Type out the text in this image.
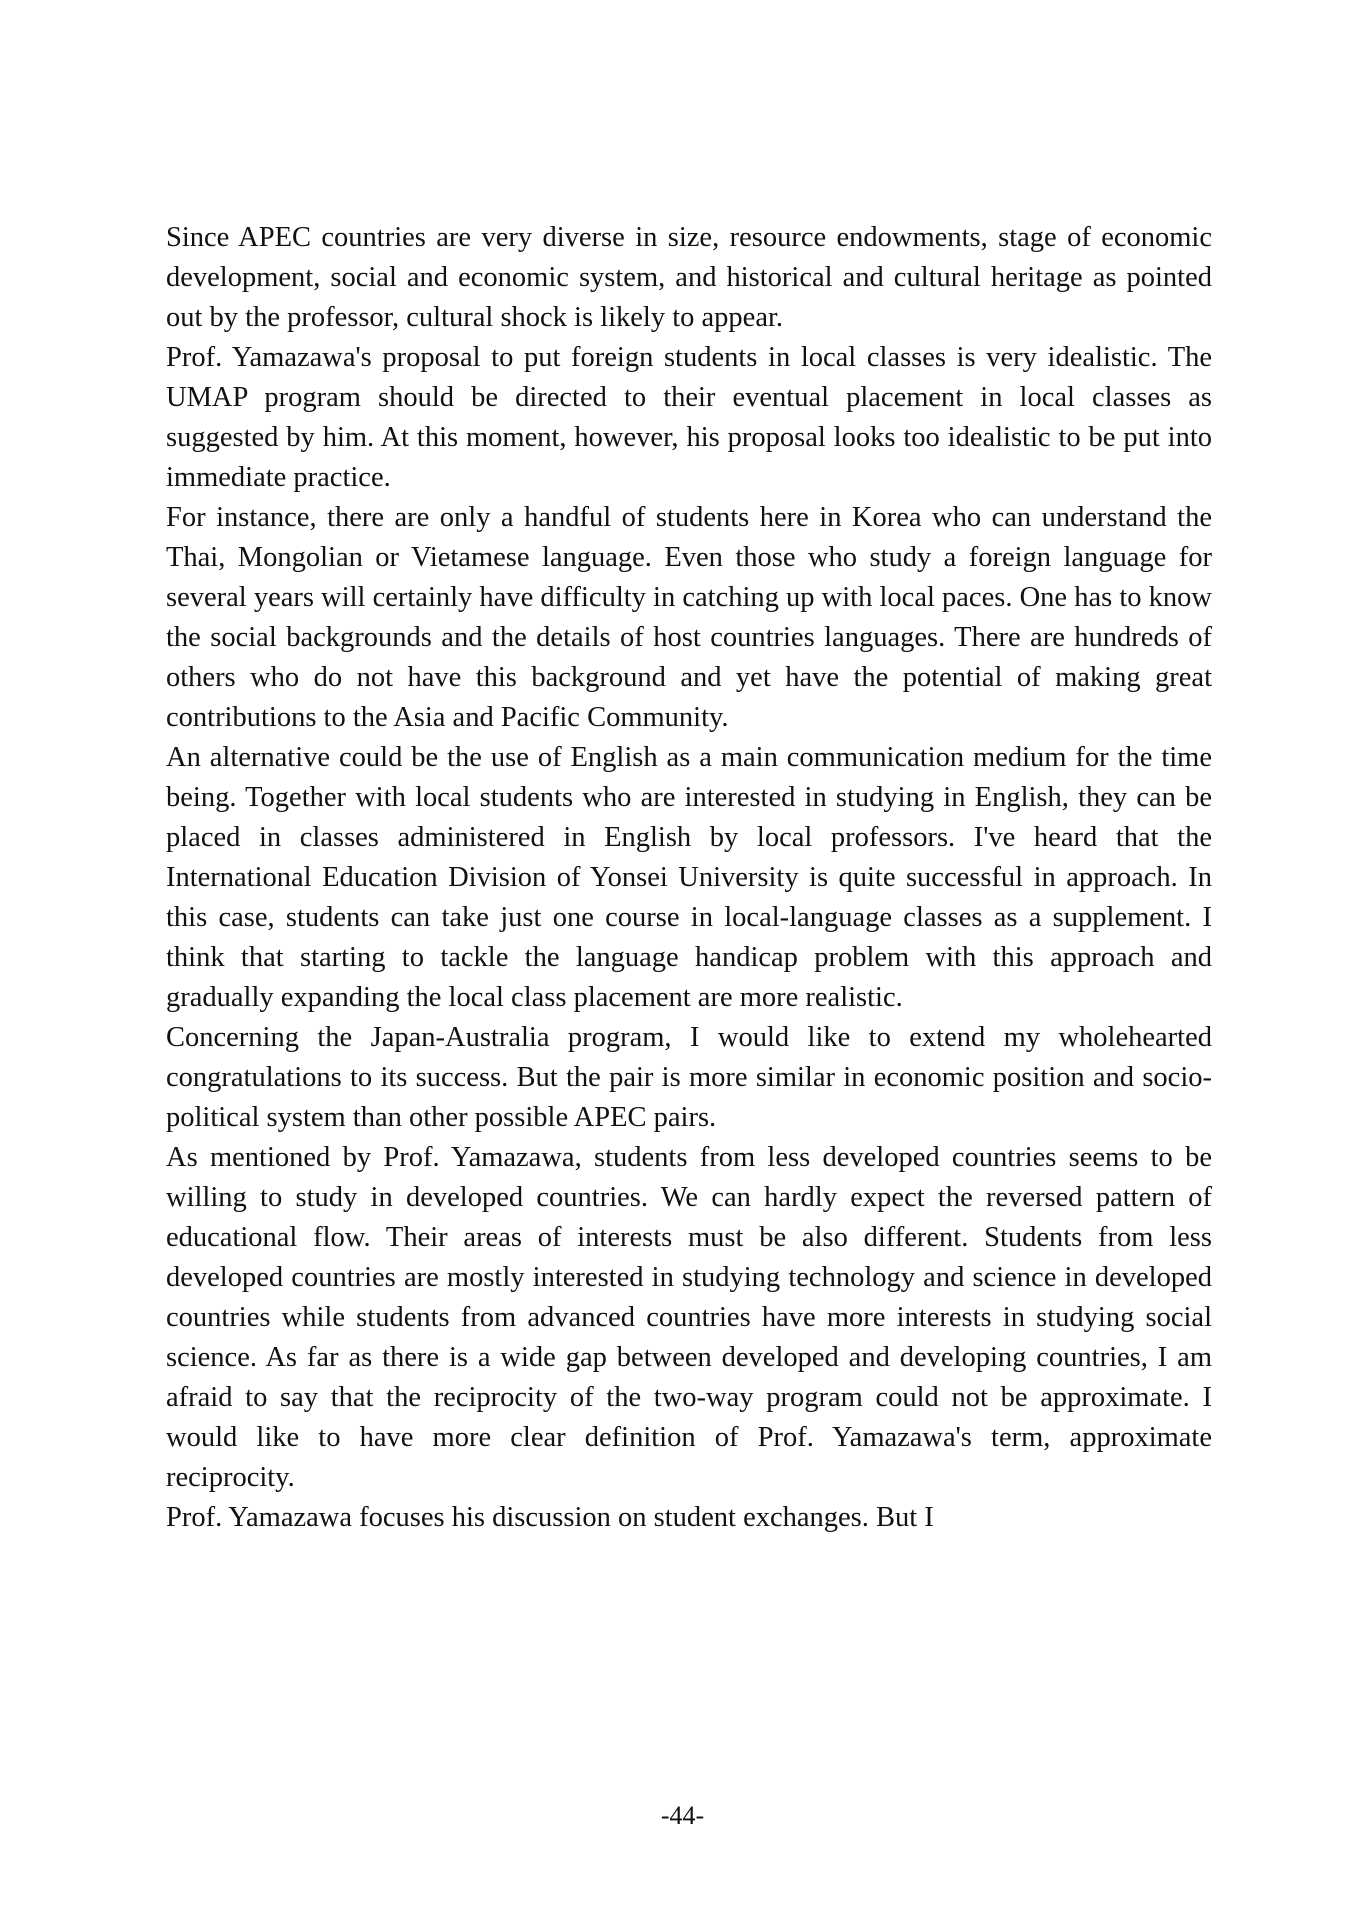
Since APEC countries are very diverse in size, resource endowments, stage of economic development, social and economic system, and historical and cultural heritage as pointed out by the professor, cultural shock is likely to appear.

Prof. Yamazawa's proposal to put foreign students in local classes is very idealistic. The UMAP program should be directed to their eventual placement in local classes as suggested by him. At this moment, however, his proposal looks too idealistic to be put into immediate practice.

For instance, there are only a handful of students here in Korea who can understand the Thai, Mongolian or Vietamese language. Even those who study a foreign language for several years will certainly have difficulty in catching up with local paces. One has to know the social backgrounds and the details of host countries languages. There are hundreds of others who do not have this background and yet have the potential of making great contributions to the Asia and Pacific Community.

An alternative could be the use of English as a main communication medium for the time being. Together with local students who are interested in studying in English, they can be placed in classes administered in English by local professors. I've heard that the International Education Division of Yonsei University is quite successful in approach. In this case, students can take just one course in local-language classes as a supplement. I think that starting to tackle the language handicap problem with this approach and gradually expanding the local class placement are more realistic.

Concerning the Japan-Australia program, I would like to extend my wholehearted congratulations to its success. But the pair is more similar in economic position and socio-political system than other possible APEC pairs.

As mentioned by Prof. Yamazawa, students from less developed countries seems to be willing to study in developed countries. We can hardly expect the reversed pattern of educational flow. Their areas of interests must be also different. Students from less developed countries are mostly interested in studying technology and science in developed countries while students from advanced countries have more interests in studying social science. As far as there is a wide gap between developed and developing countries, I am afraid to say that the reciprocity of the two-way program could not be approximate. I would like to have more clear definition of Prof. Yamazawa's term, approximate reciprocity.

Prof. Yamazawa focuses his discussion on student exchanges. But I

-44-
